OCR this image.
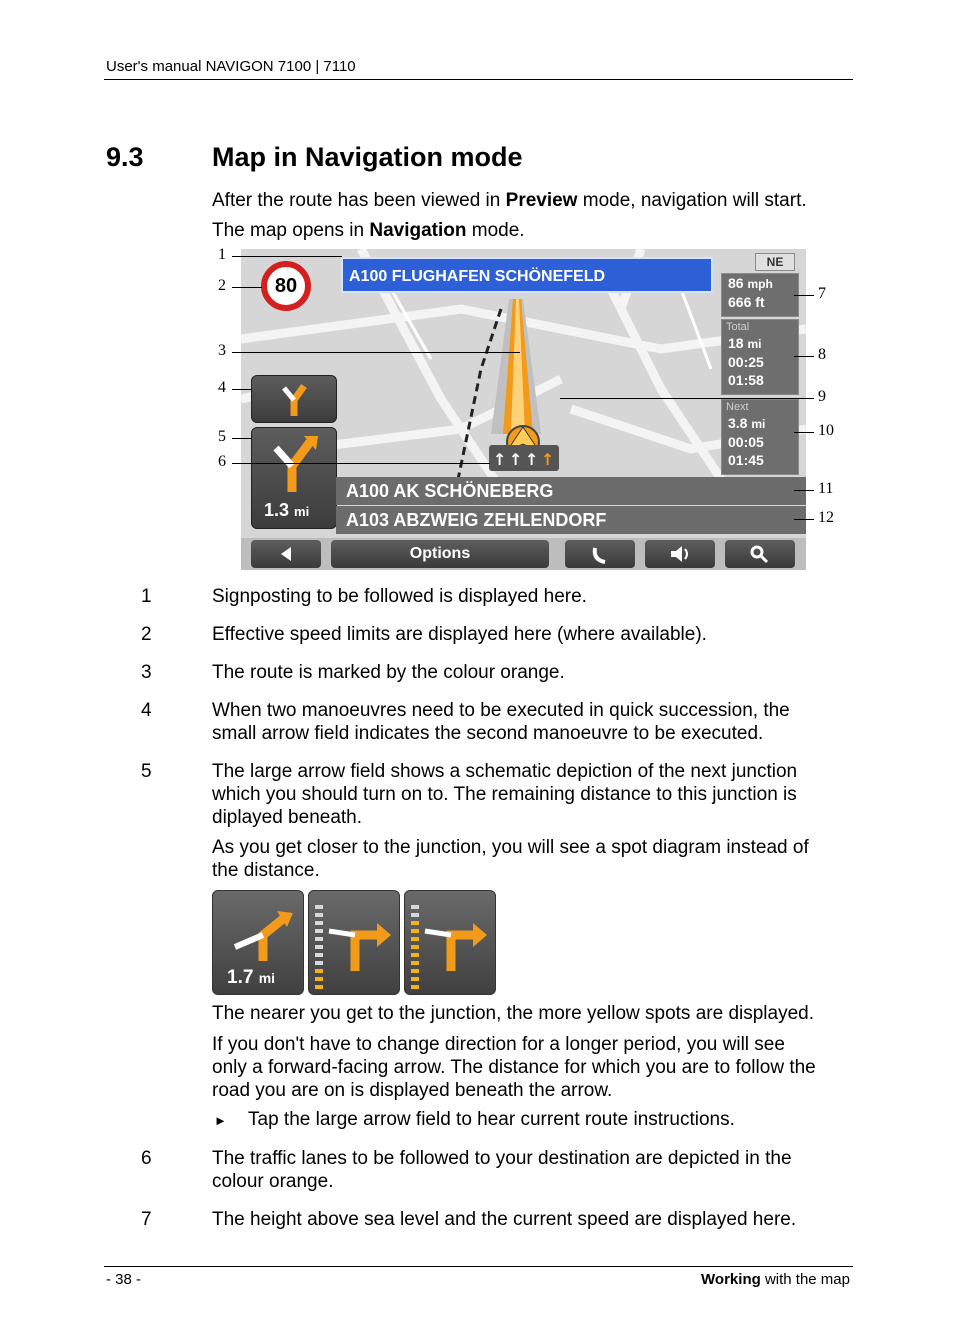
User's manual NAVIGON 7100 | 7110
9.3	Map in Navigation mode
After the route has been viewed in Preview mode, navigation will start.
The map opens in Navigation mode.
↑ ↑ ↑ ↑
80	A100 FLUGHAFEN SCHÖNEFELD
NE
86 mph
666 ft
Total
18 mi
00:25
01:58
Next
3.8 mi
00:05
01:45
1.3 mi
A100 AK SCHÖNEBERG
A103 ABZWEIG ZEHLENDORF
Options
1
2
3
4
5
6
7
8
9
10
11
12
1	Signposting to be followed is displayed here.
2	Effective speed limits are displayed here (where available).
3	The route is marked by the colour orange.
4	When two manoeuvres need to be executed in quick succession, the
small arrow field indicates the second manoeuvre to be executed.
5	The large arrow field shows a schematic depiction of the next junction
which you should turn on to. The remaining distance to this junction is
diplayed beneath.
As you get closer to the junction, you will see a spot diagram instead of
the distance.
1.7 mi
The nearer you get to the junction, the more yellow spots are displayed.
If you don't have to change direction for a longer period, you will see
only a forward-facing arrow. The distance for which you are to follow the
road you are on is displayed beneath the arrow.
► Tap the large arrow field to hear current route instructions.
6	The traffic lanes to be followed to your destination are depicted in the
colour orange.
7	The height above sea level and the current speed are displayed here.
- 38 -	Working with the map
